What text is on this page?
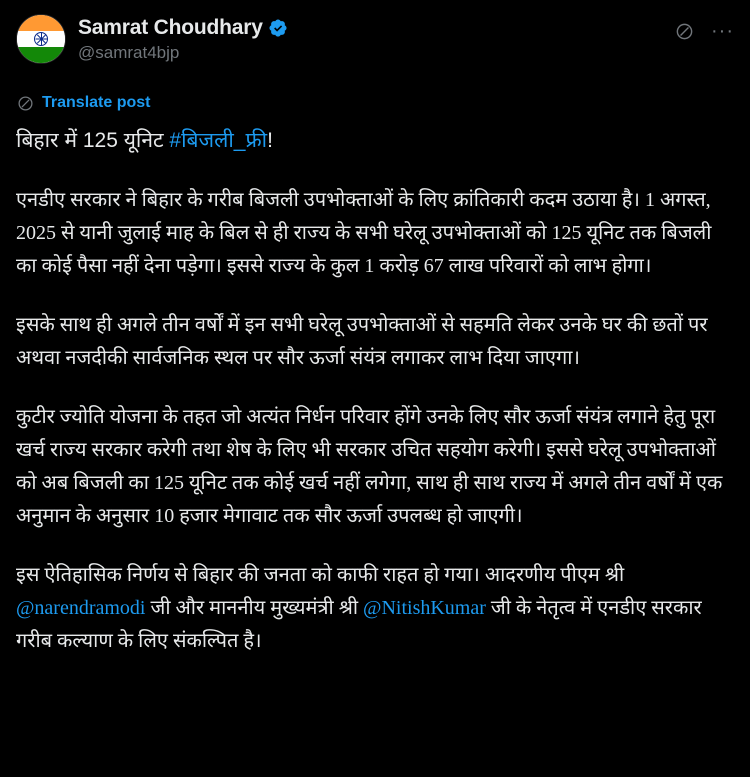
Samrat Choudhary
@samrat4bjp
···
Translate post
बिहार में 125 यूनिट #बिजली_फ्री!
एनडीए सरकार ने बिहार के गरीब बिजली उपभोक्ताओं के लिए क्रांतिकारी कदम उठाया है। 1 अगस्त, 2025 से यानी जुलाई माह के बिल से ही राज्य के सभी घरेलू उपभोक्ताओं को 125 यूनिट तक बिजली का कोई पैसा नहीं देना पड़ेगा। इससे राज्य के कुल 1 करोड़ 67 लाख परिवारों को लाभ होगा।
इसके साथ ही अगले तीन वर्षों में इन सभी घरेलू उपभोक्ताओं से सहमति लेकर उनके घर की छतों पर अथवा नजदीकी सार्वजनिक स्थल पर सौर ऊर्जा संयंत्र लगाकर लाभ दिया जाएगा।
कुटीर ज्योति योजना के तहत जो अत्यंत निर्धन परिवार होंगे उनके लिए सौर ऊर्जा संयंत्र लगाने हेतु पूरा खर्च राज्य सरकार करेगी तथा शेष के लिए भी सरकार उचित सहयोग करेगी। इससे घरेलू उपभोक्ताओं को अब बिजली का 125 यूनिट तक कोई खर्च नहीं लगेगा, साथ ही साथ राज्य में अगले तीन वर्षों में एक अनुमान के अनुसार 10 हजार मेगावाट तक सौर ऊर्जा उपलब्ध हो जाएगी।
इस ऐतिहासिक निर्णय से बिहार की जनता को काफी राहत हो गया। आदरणीय पीएम श्री @narendramodi जी और माननीय मुख्यमंत्री श्री @NitishKumar जी के नेतृत्व में एनडीए सरकार गरीब कल्याण के लिए संकल्पित है।
